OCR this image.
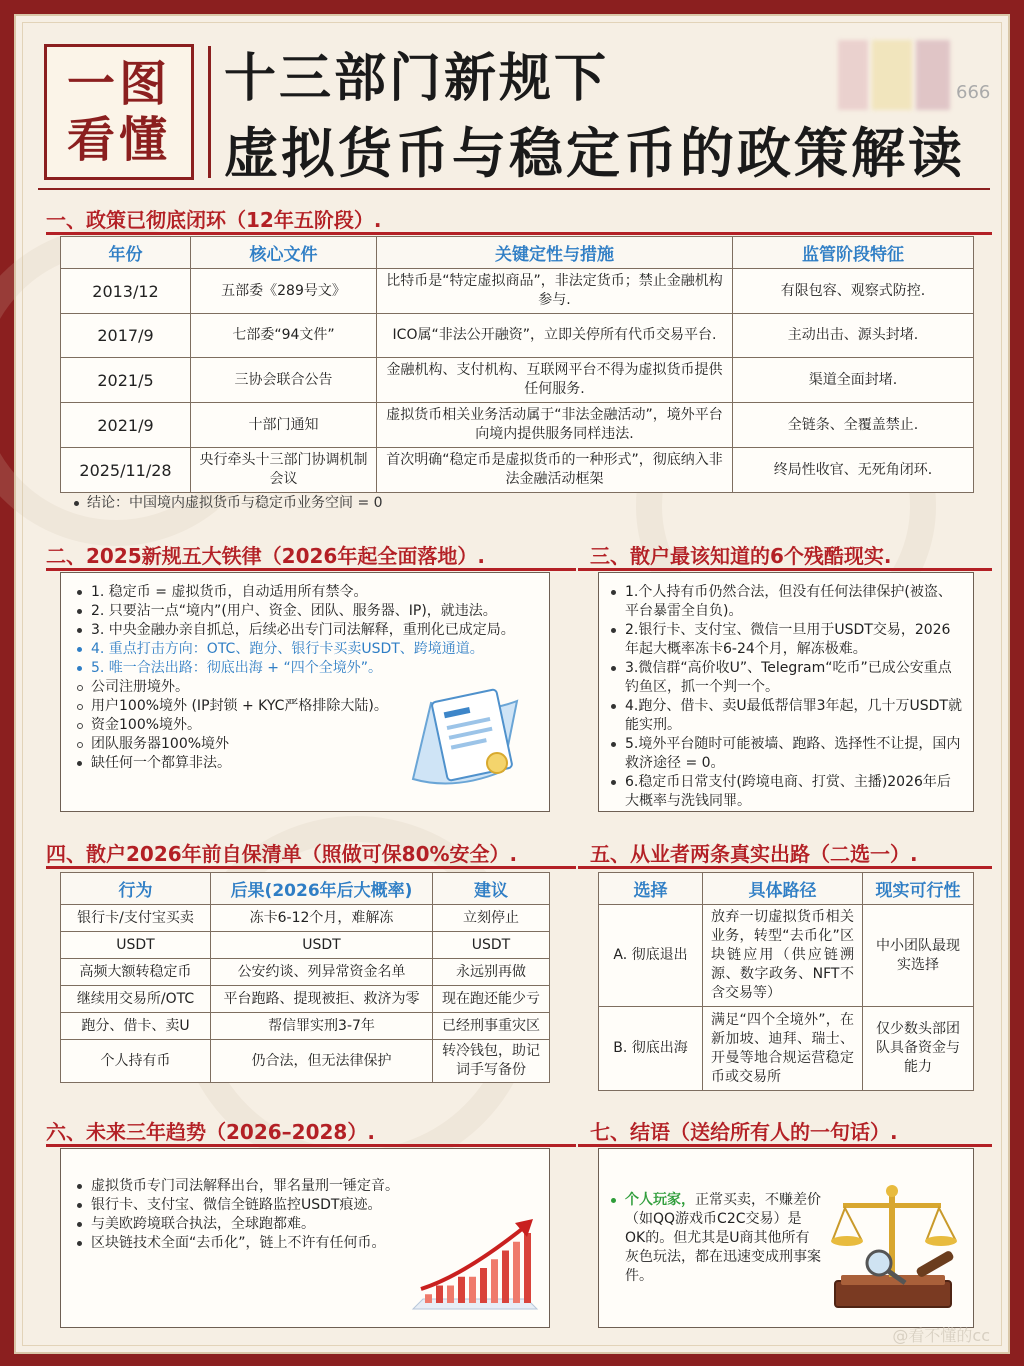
一图
看懂
十三部门新规下
虚拟货币与稳定币的政策解读
666
一、政策已彻底闭环（12年五阶段）.
年份	核心文件	关键定性与措施	监管阶段特征
2013/12	五部委《289号文》	比特币是“特定虚拟商品”，非法定货币；禁止金融机构参与.	有限包容、观察式防控.
2017/9	七部委“94文件”	ICO属“非法公开融资”，立即关停所有代币交易平台.	主动出击、源头封堵.
2021/5	三协会联合公告	金融机构、支付机构、互联网平台不得为虚拟货币提供任何服务.	渠道全面封堵.
2021/9	十部门通知	虚拟货币相关业务活动属于“非法金融活动”，境外平台向境内提供服务同样违法.	全链条、全覆盖禁止.
2025/11/28	央行牵头十三部门协调机制会议	首次明确“稳定币是虚拟货币的一种形式”，彻底纳入非法金融活动框架	终局性收官、无死角闭环.
结论：中国境内虚拟货币与稳定币业务空间 = 0
二、2025新规五大铁律（2026年起全面落地）.
1. 稳定币 = 虚拟货币，自动适用所有禁令。
2. 只要沾一点“境内”(用户、资金、团队、服务器、IP)，就违法。
3. 中央金融办亲自抓总，后续必出专门司法解释，重刑化已成定局。
4. 重点打击方向：OTC、跑分、银行卡买卖USDT、跨境通道。
5. 唯一合法出路：彻底出海 + “四个全境外”。
公司注册境外。
用户100%境外 (IP封锁 + KYC严格排除大陆)。
资金100%境外。
团队服务器100%境外
缺任何一个都算非法。
三、散户最该知道的6个残酷现实.
1.个人持有币仍然合法，但没有任何法律保护(被盗、平台暴雷全自负)。
2.银行卡、支付宝、微信一旦用于USDT交易，2026年起大概率冻卡6-24个月，解冻极难。
3.微信群“高价收U”、Telegram“吃币”已成公安重点钓鱼区，抓一个判一个。
4.跑分、借卡、卖U最低帮信罪3年起，几十万USDT就能实刑。
5.境外平台随时可能被墙、跑路、选择性不让提，国内救济途径 = 0。
6.稳定币日常支付(跨境电商、打赏、主播)2026年后大概率与洗钱同罪。
四、散户2026年前自保清单（照做可保80%安全）.
行为	后果(2026年后大概率)	建议
银行卡/支付宝买卖	冻卡6-12个月，难解冻	立刻停止
USDT	USDT	USDT
高频大额转稳定币	公安约谈、列异常资金名单	永远别再做
继续用交易所/OTC	平台跑路、提现被拒、救济为零	现在跑还能少亏
跑分、借卡、卖U	帮信罪实刑3-7年	已经刑事重灾区
个人持有币	仍合法，但无法律保护	转冷钱包，助记词手写备份
五、从业者两条真实出路（二选一）.
选择	具体路径	现实可行性
A. 彻底退出	放弃一切虚拟货币相关业务，转型“去币化”区块链应用（供应链溯源、数字政务、NFT不含交易等）	中小团队最现实选择
B. 彻底出海	满足“四个全境外”，在新加坡、迪拜、瑞士、开曼等地合规运营稳定币或交易所	仅少数头部团队具备资金与能力
六、未来三年趋势（2026–2028）.
虚拟货币专门司法解释出台，罪名量刑一锤定音。
银行卡、支付宝、微信全链路监控USDT痕迹。
与美欧跨境联合执法，全球跑都难。
区块链技术全面“去币化”，链上不许有任何币。
七、结语（送给所有人的一句话）.
个人玩家，正常买卖，不赚差价（如QQ游戏币C2C交易）是OK的。但尤其是U商其他所有灰色玩法，都在迅速变成刑事案件。
@看不懂的cc
